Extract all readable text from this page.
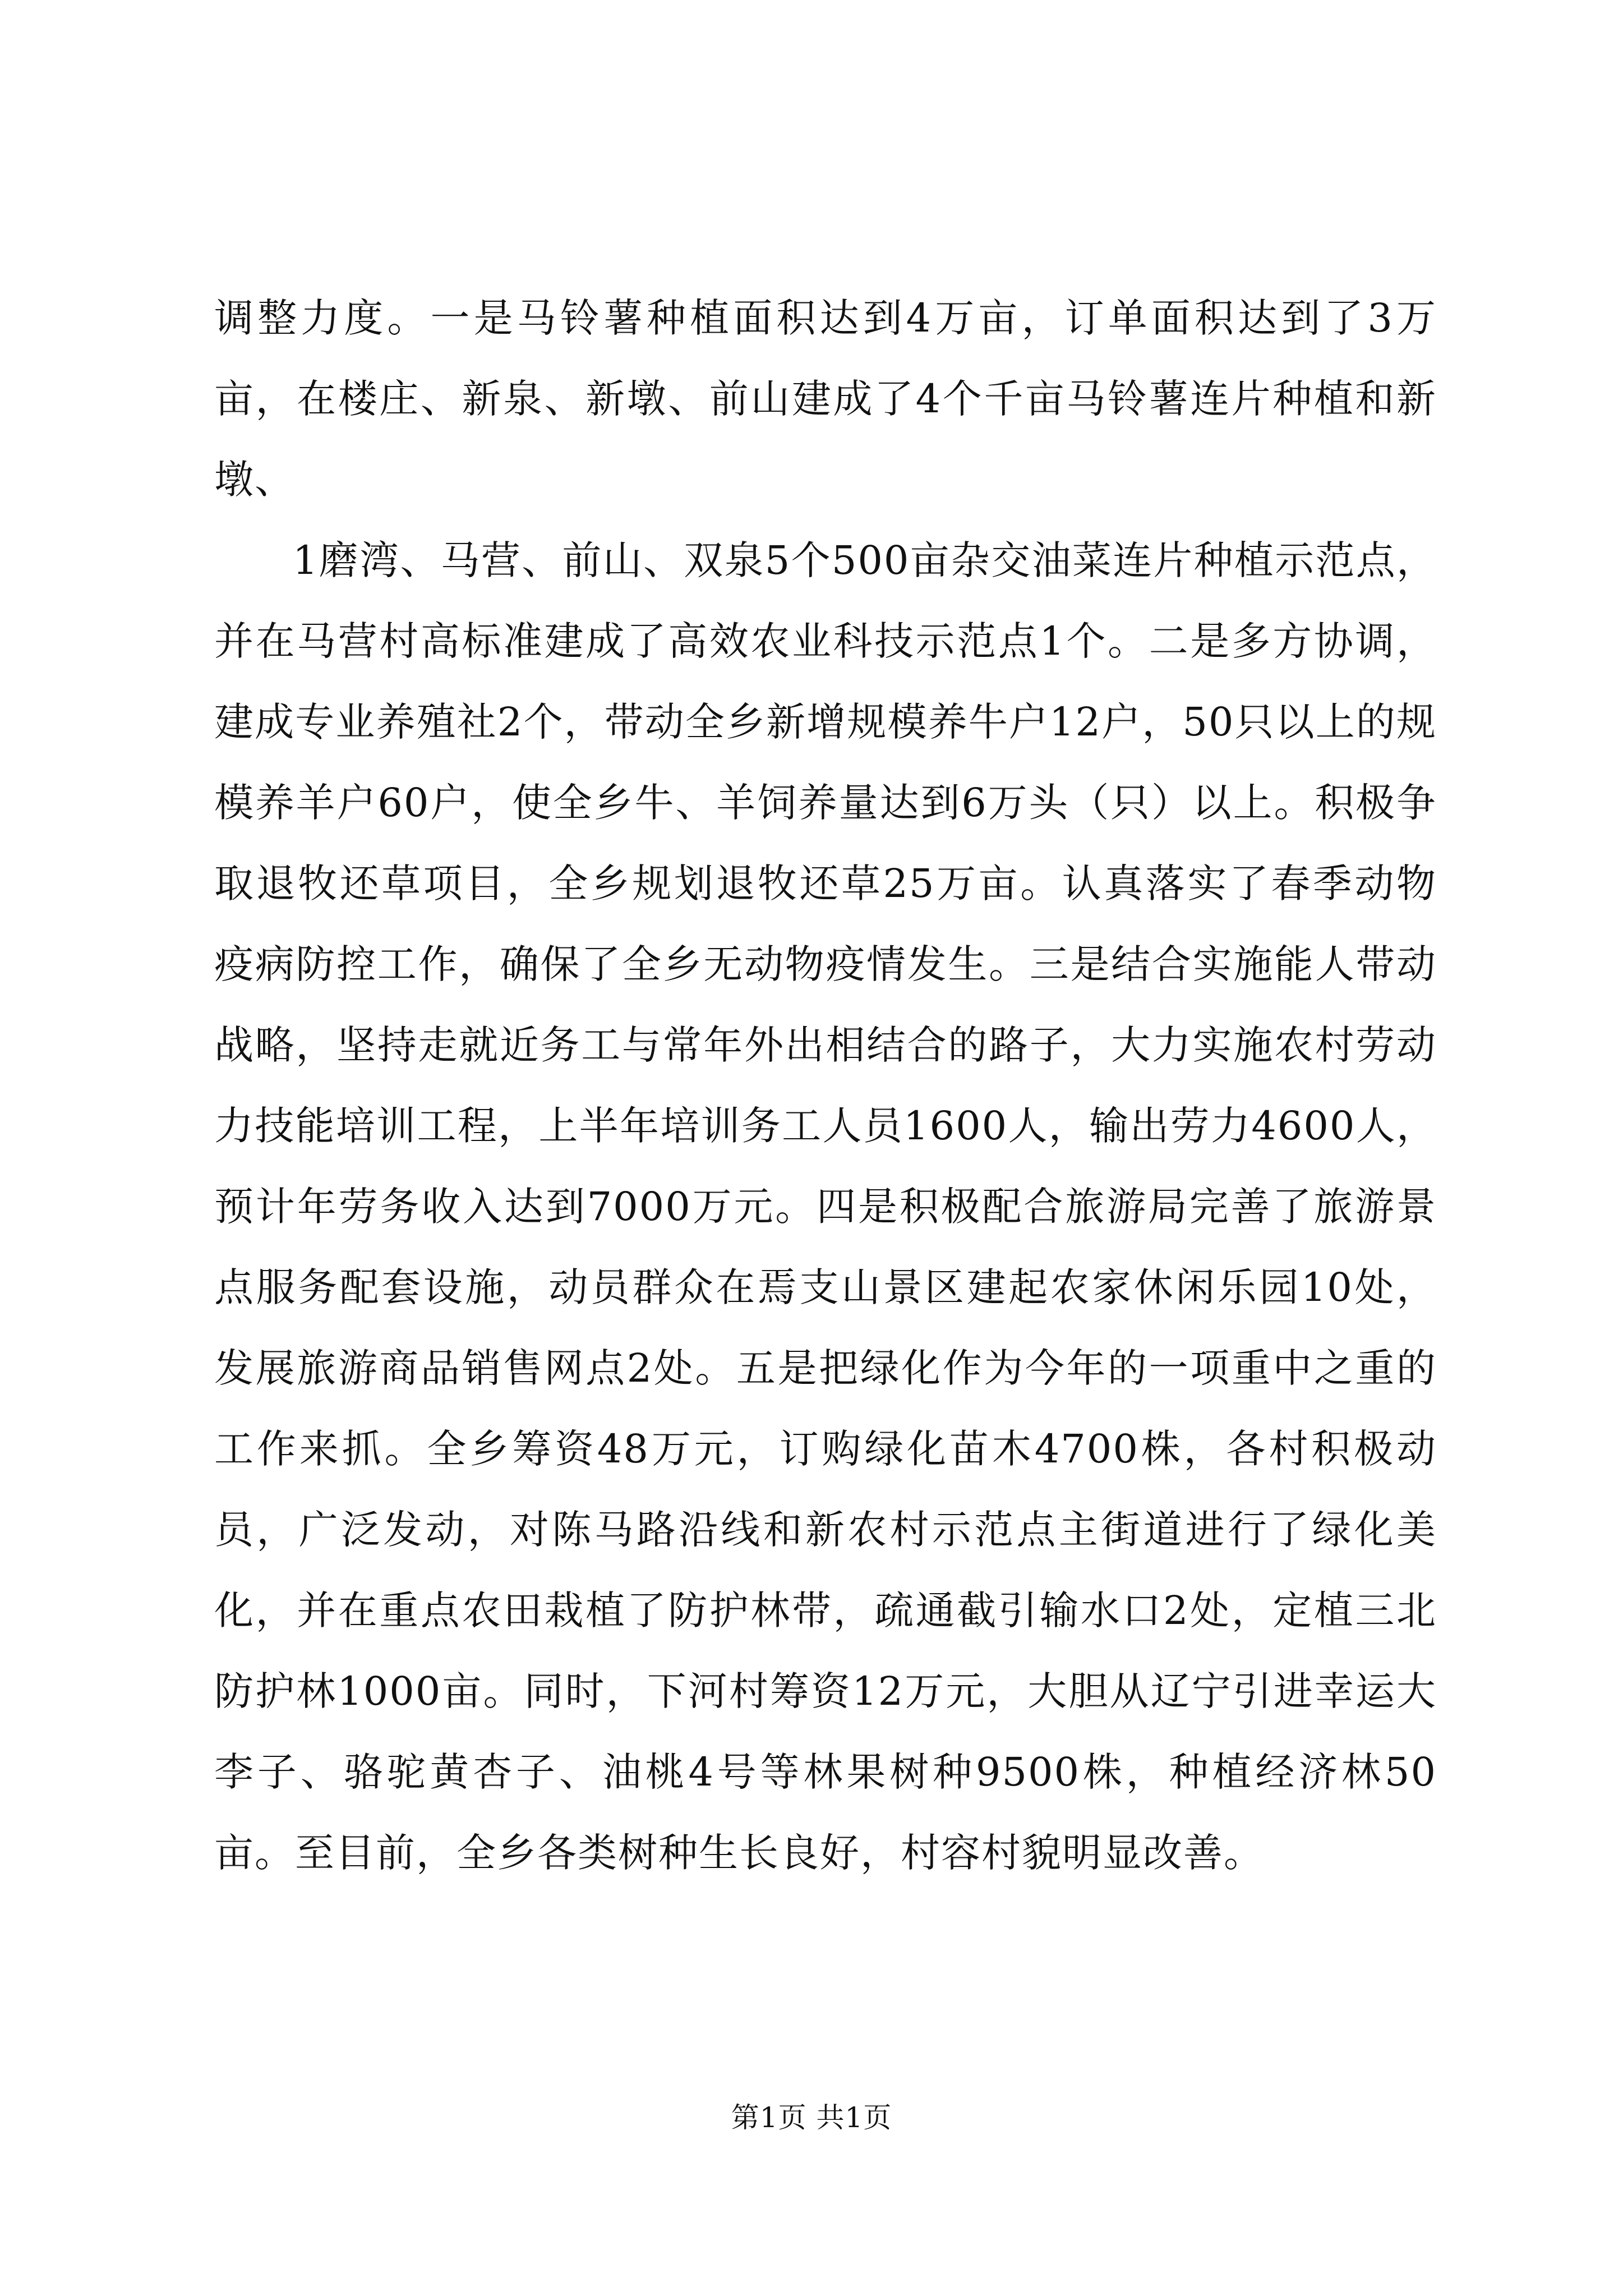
调整力度。一是马铃薯种植面积达到4万亩，订单面积达到了3万亩，在楼庄、新泉、新墩、前山建成了4个千亩马铃薯连片种植和新墩、

1磨湾、马营、前山、双泉5个500亩杂交油菜连片种植示范点，并在马营村高标准建成了高效农业科技示范点1个。二是多方协调，建成专业养殖社2个，带动全乡新增规模养牛户12户，50只以上的规模养羊户60户，使全乡牛、羊饲养量达到6万头（只）以上。积极争取退牧还草项目，全乡规划退牧还草25万亩。认真落实了春季动物疫病防控工作，确保了全乡无动物疫情发生。三是结合实施能人带动战略，坚持走就近务工与常年外出相结合的路子，大力实施农村劳动力技能培训工程，上半年培训务工人员1600人，输出劳力4600人，预计年劳务收入达到7000万元。四是积极配合旅游局完善了旅游景点服务配套设施，动员群众在焉支山景区建起农家休闲乐园10处，发展旅游商品销售网点2处。五是把绿化作为今年的一项重中之重的工作来抓。全乡筹资48万元，订购绿化苗木4700株，各村积极动员，广泛发动，对陈马路沿线和新农村示范点主街道进行了绿化美化，并在重点农田栽植了防护林带，疏通截引输水口2处，定植三北防护林1000亩。同时，下河村筹资12万元，大胆从辽宁引进幸运大李子、骆驼黄杏子、油桃4号等林果树种9500株，种植经济林50亩。至目前，全乡各类树种生长良好，村容村貌明显改善。

第1页 共1页
